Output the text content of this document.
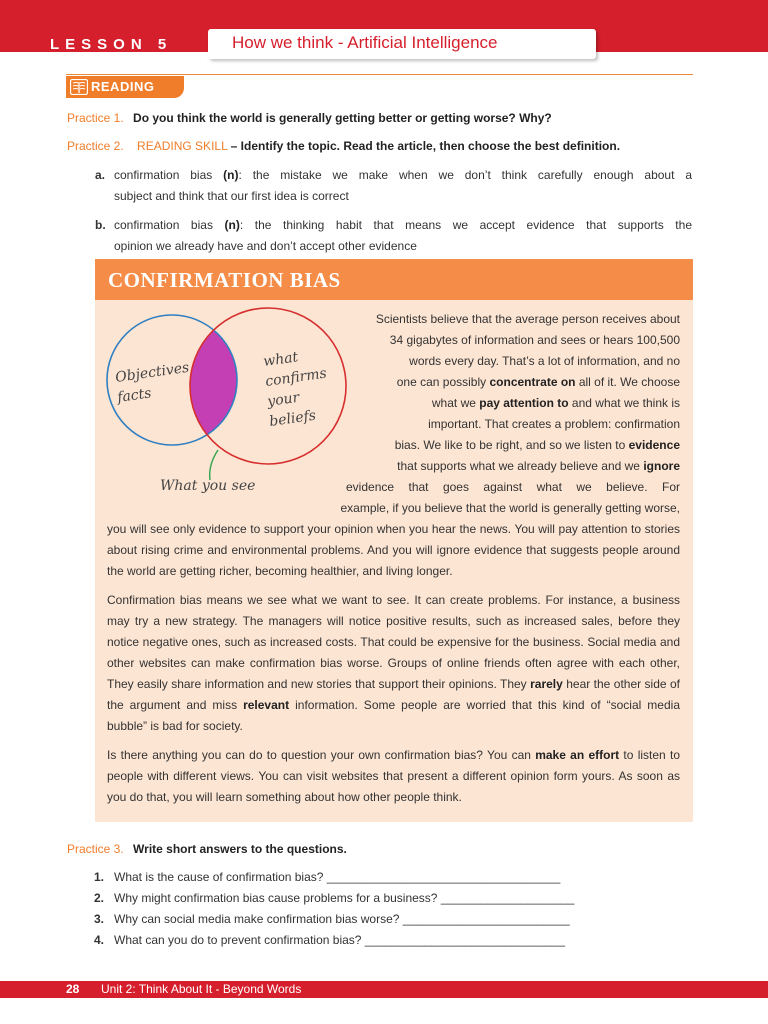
LESSON 5	How we think - Artificial Intelligence
READING
Practice 1. Do you think the world is generally getting better or getting worse? Why?
Practice 2. READING SKILL – Identify the topic. Read the article, then choose the best definition.
a. confirmation bias (n): the mistake we make when we don’t think carefully enough about a
subject and think that our first idea is correct
b. confirmation bias (n): the thinking habit that means we accept evidence that supports the
opinion we already have and don’t accept other evidence
CONFIRMATION BIAS
Objectives
facts
what
confirms
your
beliefs
What you see
Scientists believe that the average person receives about
34 gigabytes of information and sees or hears 100,500
words every day. That’s a lot of information, and no
one can possibly concentrate on all of it. We choose
what we pay attention to and what we think is
important. That creates a problem: confirmation
bias. We like to be right, and so we listen to evidence
that supports what we already believe and we ignore
evidence that goes against what we believe. For
example, if you believe that the world is generally getting worse,
you will see only evidence to support your opinion when you hear the news. You will pay attention to stories about rising crime and environmental problems. And you will ignore evidence that suggests people around the world are getting richer, becoming healthier, and living longer.
Confirmation bias means we see what we want to see. It can create problems. For instance, a business may try a new strategy. The managers will notice positive results, such as increased sales, before they notice negative ones, such as increased costs. That could be expensive for the business. Social media and other websites can make confirmation bias worse. Groups of online friends often agree with each other, They easily share information and new stories that support their opinions. They rarely hear the other side of the argument and miss relevant information. Some people are worried that this kind of “social media bubble” is bad for society.
Is there anything you can do to question your own confirmation bias? You can make an effort to listen to people with different views. You can visit websites that present a different opinion form yours. As soon as you do that, you will learn something about how other people think.
Practice 3. Write short answers to the questions.
1. What is the cause of confirmation bias? ___________________________________
2. Why might confirmation bias cause problems for a business? ____________________
3. Why can social media make confirmation bias worse? _________________________
4. What can you do to prevent confirmation bias? ______________________________
28 Unit 2: Think About It - Beyond Words
